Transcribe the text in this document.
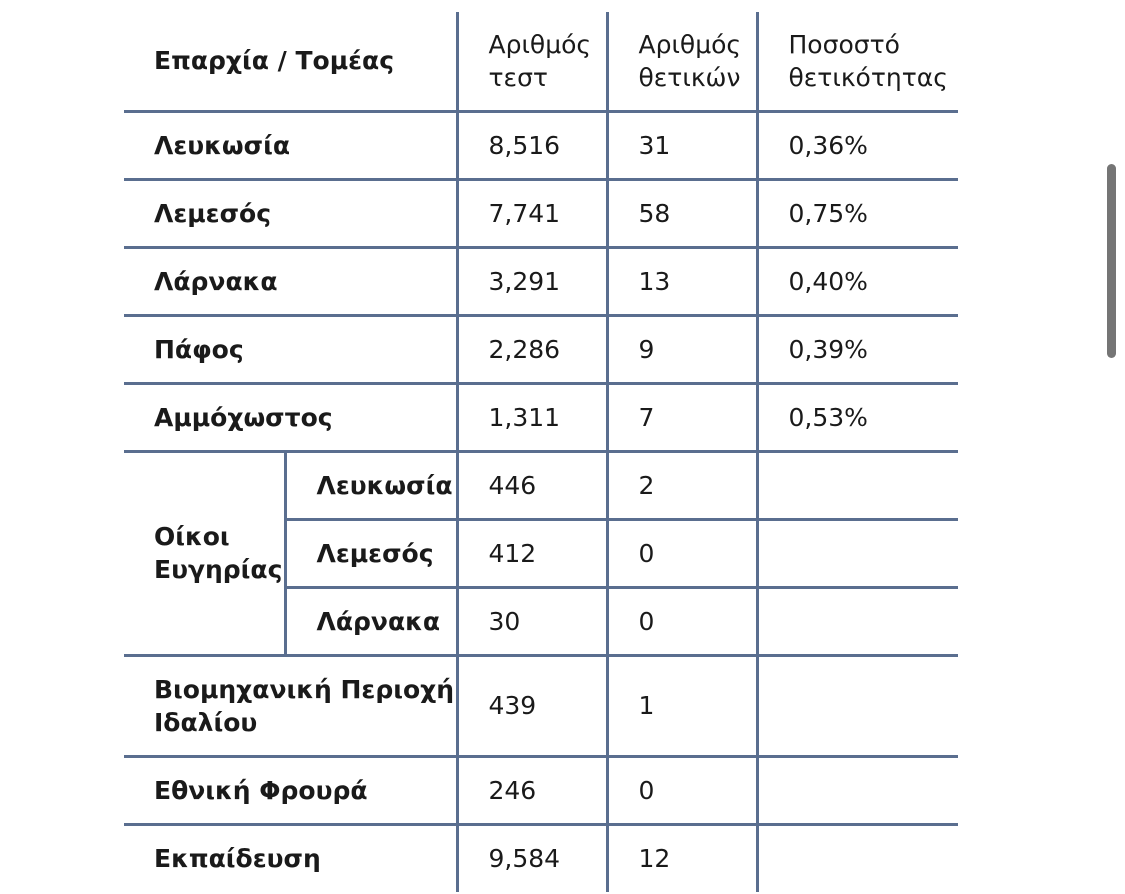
Επαρχία / Τομέας		Αριθμός τεστ	Αριθμός θετικών	Ποσοστό θετικότητας
Λευκωσία		8,516	31	0,36%
Λεμεσός		7,741	58	0,75%
Λάρνακα		3,291	13	0,40%
Πάφος		2,286	9	0,39%
Αμμόχωστος		1,311	7	0,53%
Οίκοι Ευγηρίας	Λευκωσία	446	2	
	Λεμεσός	412	0	
	Λάρνακα	30	0	
Βιομηχανική Περιοχή Ιδαλίου		439	1	
Εθνική Φρουρά		246	0	
Εκπαίδευση		9,584	12	
